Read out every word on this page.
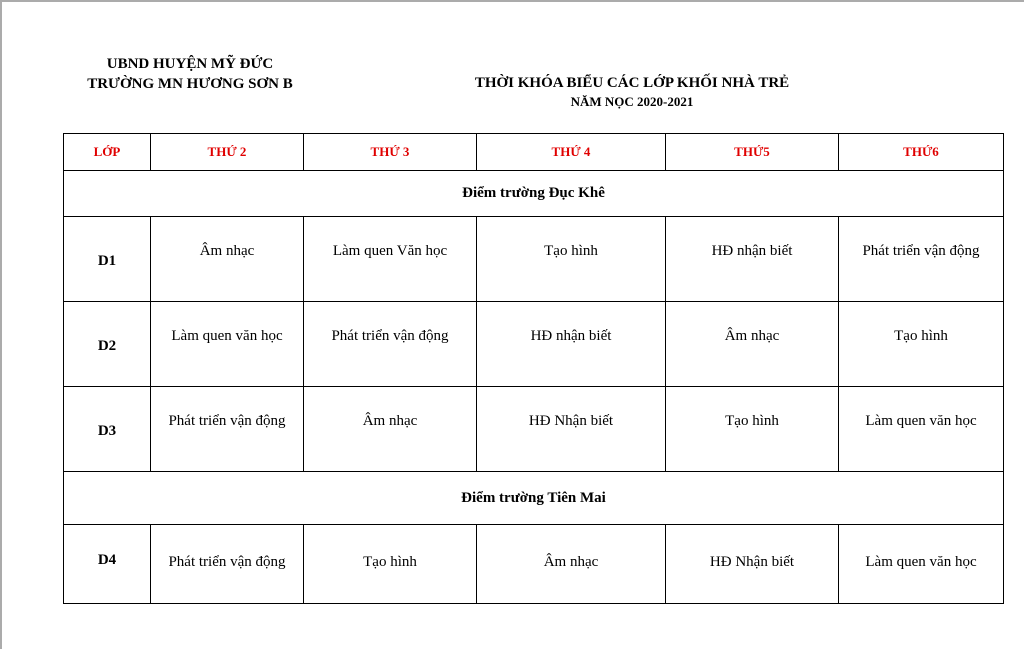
UBND HUYỆN MỸ ĐỨC
TRƯỜNG MN HƯƠNG SƠN B	THỜI KHÓA BIỂU CÁC LỚP KHỐI NHÀ TRẺ
NĂM NỌC 2020-2021
LỚP	THỨ 2	THỨ 3	THỨ 4	THỨ5	THỨ6
Điểm trường Đục Khê					

D1	Âm nhạc	Làm quen Văn học	Tạo hình	HĐ nhận biết	Phát triển vận động

D2	Làm quen văn học	Phát triển vận động	HĐ nhận biết	Âm nhạc	Tạo hình

D3	Phát triển vận động	Âm nhạc	HĐ Nhận biết	Tạo hình	Làm quen văn học

Điểm trường Tiên Mai					

D4	Phát triển vận động	Tạo hình	Âm nhạc	HĐ Nhận biết	Làm quen văn học
